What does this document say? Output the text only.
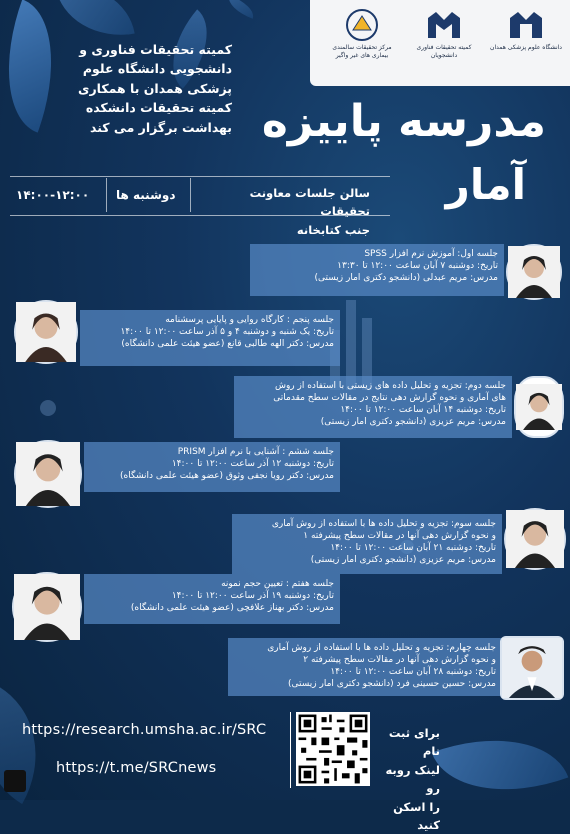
مرکز تحقیقات سالمندی
بیماری های غیر واگیر
کمیته تحقیقات فناوری دانشجویان
دانشگاه علوم پزشکی همدان
کمیته تحقیقات فناوری و
دانشجویی دانشگاه علوم
پزشکی همدان با همکاری
کمیته تحقیقات دانشکده
بهداشت برگزار می کند مدرسه پاییزه
آمار
۱۴:۰۰-۱۲:۰۰ دوشنبه ها	سالن جلسات معاونت تحقیقات
جنب کتابخانه
جلسه اول: آموزش نرم افزار SPSS
تاریخ: دوشنبه ۷ آبان ساعت ۱۲:۰۰ تا ۱۳:۳۰
مدرس: مریم عبدلی (دانشجو دکتری امار زیستی)
جلسه پنجم : کارگاه روایی و پایایی پرسشنامه
تاریخ: یک شنبه و دوشنبه ۴ و ۵ آذر ساعت ۱۲:۰۰ تا ۱۴:۰۰
مدرس: دکتر الهه طالبی قانع (عضو هیئت علمی دانشگاه)
جلسه دوم: تجزیه و تحلیل داده های زیستی با استفاده از روش
های آماری و نحوه گزارش دهی نتایج در مقالات سطح مقدماتی
تاریخ: دوشنبه ۱۴ آبان ساعت ۱۲:۰۰ تا ۱۴:۰۰
مدرس: مریم عزیزی (دانشجو دکتری امار زیستی)
جلسه ششم : آشنایی با نرم افزار PRISM
تاریخ: دوشنبه ۱۲ آذر ساعت ۱۲:۰۰ تا ۱۴:۰۰
مدرس: دکتر رویا نجفی وثوق (عضو هیئت علمی دانشگاه)
جلسه سوم: تجزیه و تحلیل داده ها با استفاده از روش آماری
و نحوه گزارش دهی آنها در مقالات سطح پیشرفته ۱
تاریخ: دوشنبه ۲۱ آبان ساعت ۱۲:۰۰ تا ۱۴:۰۰
مدرس: مریم عزیزی (دانشجو دکتری امار زیستی)
جلسه هفتم : تعیین حجم نمونه
تاریخ: دوشنبه ۱۹ آذر ساعت ۱۲:۰۰ تا ۱۴:۰۰
مدرس: دکتر بهناز علافچی (عضو هیئت علمی دانشگاه)
جلسه چهارم: تجزیه و تحلیل داده ها با استفاده از روش آماری
و نحوه گزارش دهی آنها در مقالات سطح پیشرفته ۲
تاریخ: دوشنبه ۲۸ آبان ساعت ۱۲:۰۰ تا ۱۴:۰۰
مدرس: حسین حسینی فرد (دانشجو دکتری امار زیستی)
https://research.umsha.ac.ir/SRC
https://t.me/SRCnews
برای ثبت نام
لینک روبه رو
را اسکن کنید
